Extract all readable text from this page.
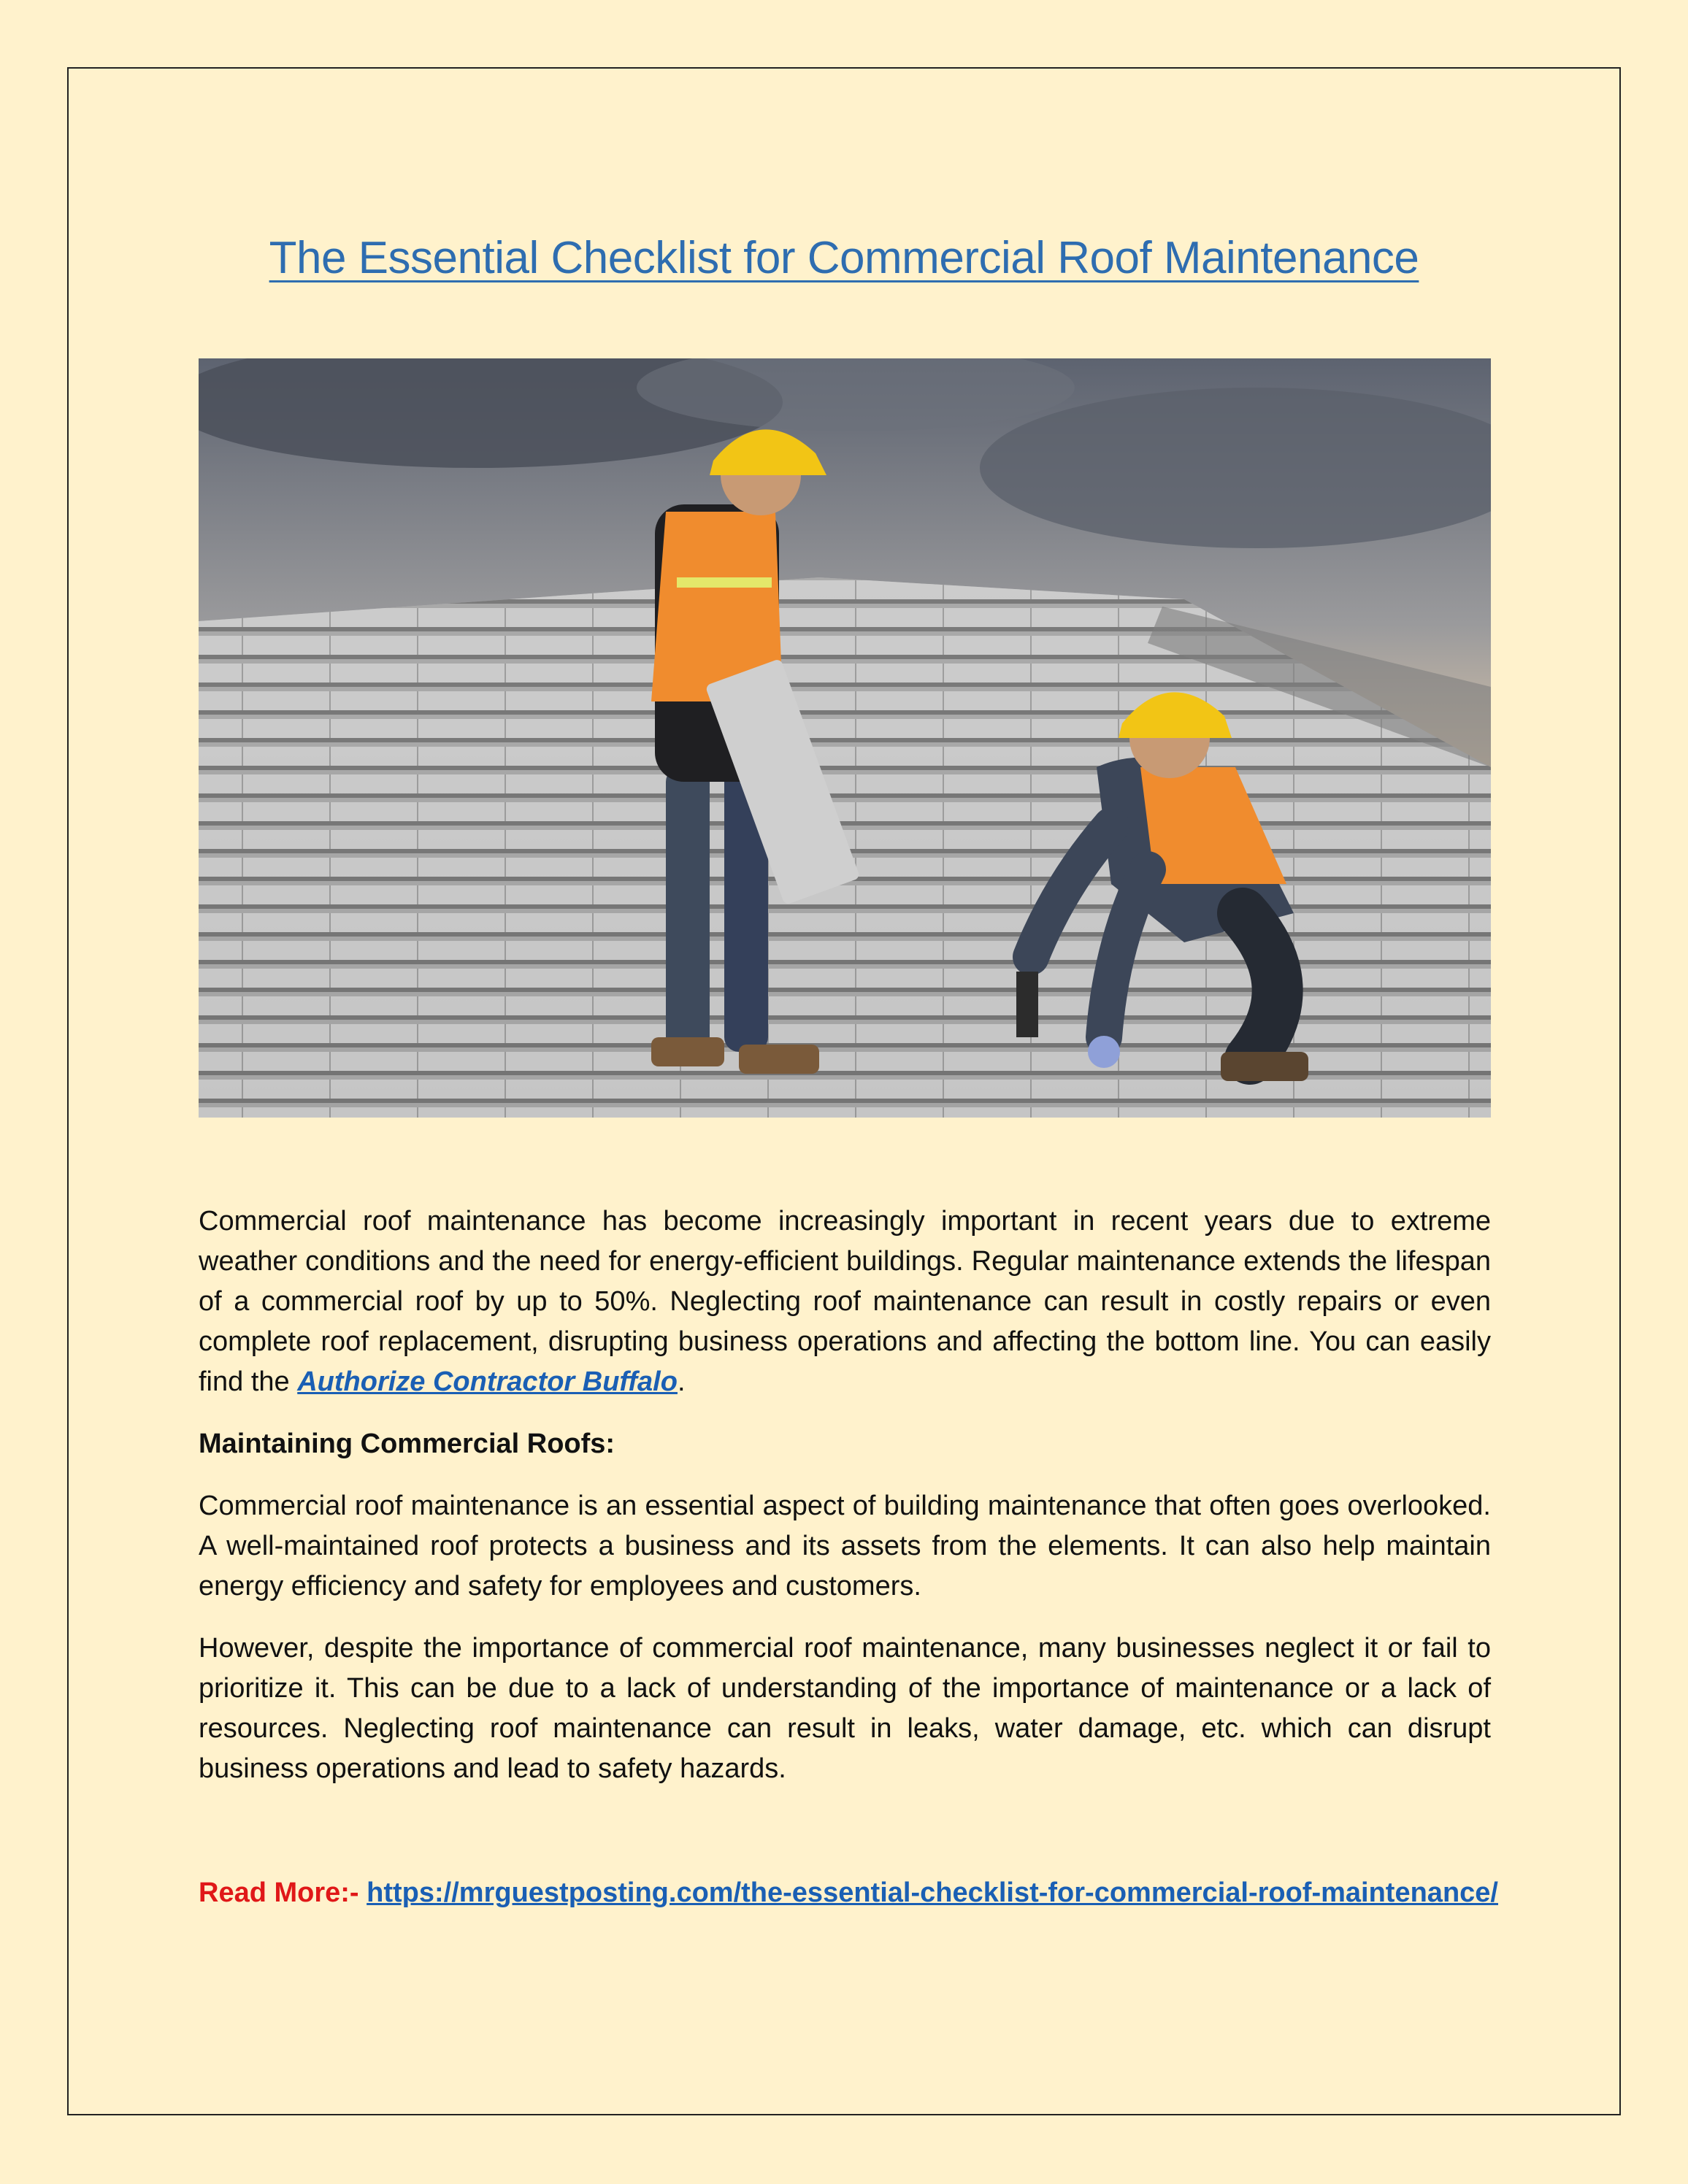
The Essential Checklist for Commercial Roof Maintenance

Commercial roof maintenance has become increasingly important in recent years due to extreme weather conditions and the need for energy-efficient buildings. Regular maintenance extends the lifespan of a commercial roof by up to 50%. Neglecting roof maintenance can result in costly repairs or even complete roof replacement, disrupting business operations and affecting the bottom line. You can easily find the Authorize Contractor Buffalo.

Maintaining Commercial Roofs:

Commercial roof maintenance is an essential aspect of building maintenance that often goes overlooked. A well-maintained roof protects a business and its assets from the elements. It can also help maintain energy efficiency and safety for employees and customers.

However, despite the importance of commercial roof maintenance, many businesses neglect it or fail to prioritize it. This can be due to a lack of understanding of the importance of maintenance or a lack of resources. Neglecting roof maintenance can result in leaks, water damage, etc. which can disrupt business operations and lead to safety hazards.

Read More:- https://mrguestposting.com/the-essential-checklist-for-commercial-roof-maintenance/
